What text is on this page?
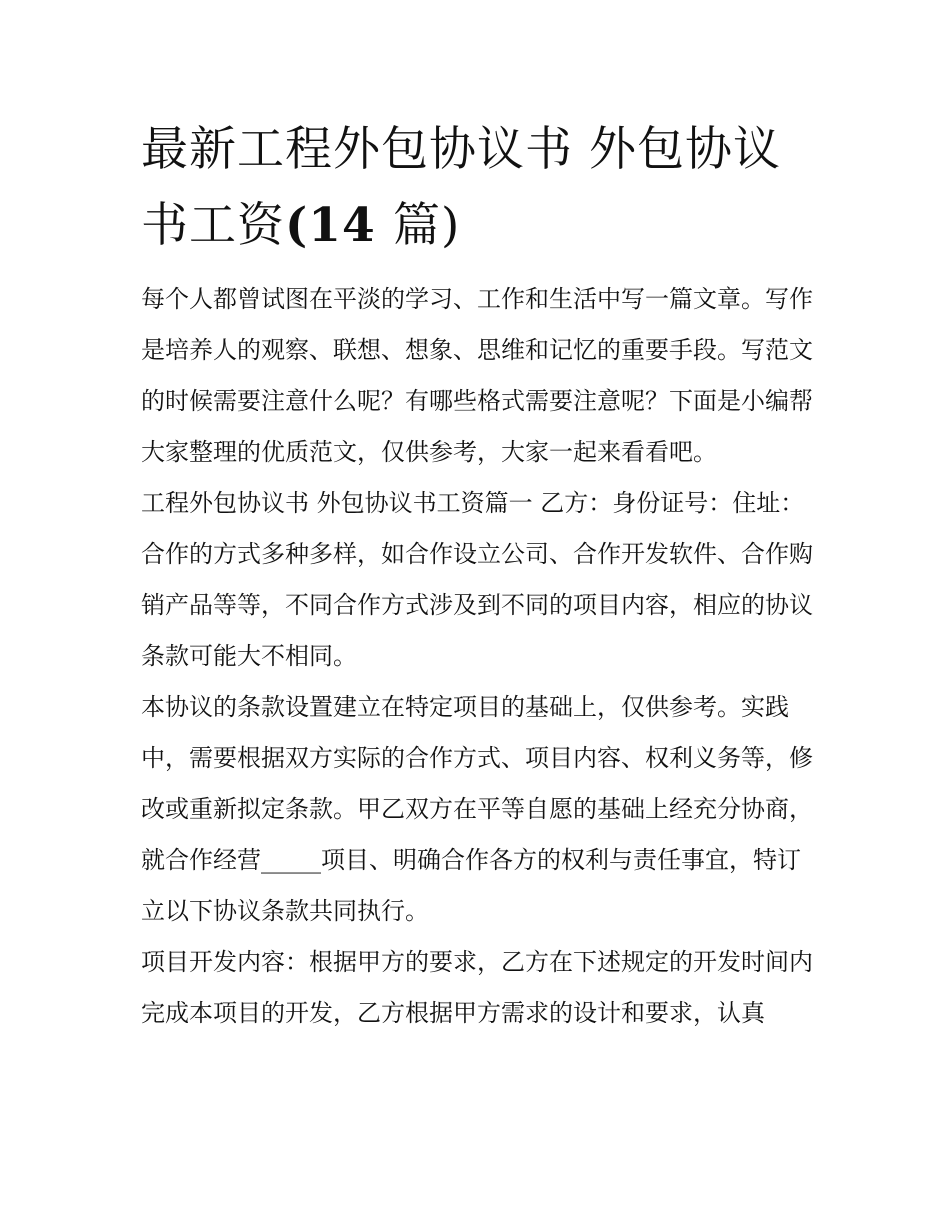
最新工程外包协议书 外包协议
书工资(14 篇)

每个人都曾试图在平淡的学习、工作和生活中写一篇文章。写作是培养人的观察、联想、想象、思维和记忆的重要手段。写范文的时候需要注意什么呢？有哪些格式需要注意呢？下面是小编帮大家整理的优质范文，仅供参考，大家一起来看看吧。

工程外包协议书 外包协议书工资篇一 乙方：身份证号：住址：

合作的方式多种多样，如合作设立公司、合作开发软件、合作购销产品等等，不同合作方式涉及到不同的项目内容，相应的协议条款可能大不相同。

本协议的条款设置建立在特定项目的基础上，仅供参考。实践中，需要根据双方实际的合作方式、项目内容、权利义务等，修改或重新拟定条款。甲乙双方在平等自愿的基础上经充分协商，就合作经营_____项目、明确合作各方的权利与责任事宜，特订立以下协议条款共同执行。

项目开发内容：根据甲方的要求，乙方在下述规定的开发时间内完成本项目的开发，乙方根据甲方需求的设计和要求，认真
